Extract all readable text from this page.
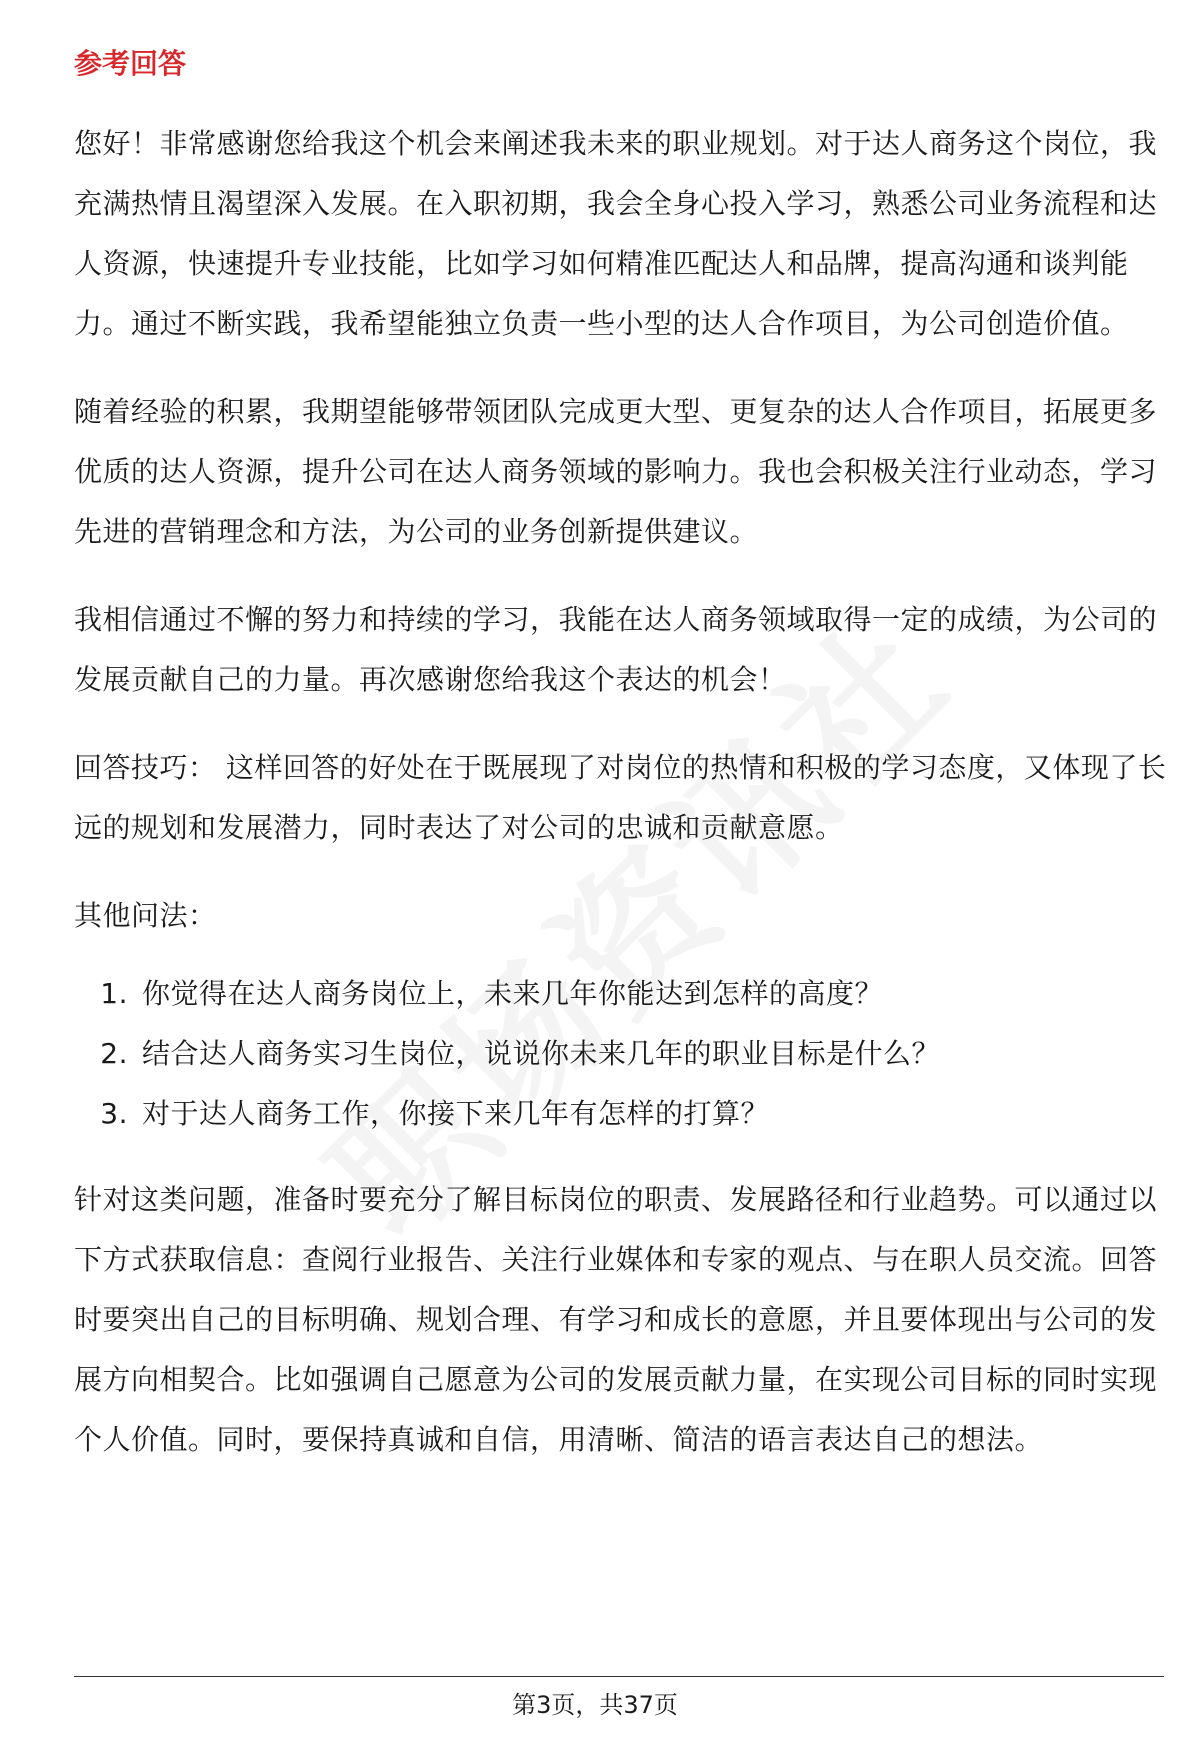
参考回答

您好！非常感谢您给我这个机会来阐述我未来的职业规划。对于达人商务这个岗位，我充满热情且渴望深入发展。在入职初期，我会全身心投入学习，熟悉公司业务流程和达人资源，快速提升专业技能，比如学习如何精准匹配达人和品牌，提高沟通和谈判能力。通过不断实践，我希望能独立负责一些小型的达人合作项目，为公司创造价值。

随着经验的积累，我期望能够带领团队完成更大型、更复杂的达人合作项目，拓展更多优质的达人资源，提升公司在达人商务领域的影响力。我也会积极关注行业动态，学习先进的营销理念和方法，为公司的业务创新提供建议。

我相信通过不懈的努力和持续的学习，我能在达人商务领域取得一定的成绩，为公司的发展贡献自己的力量。再次感谢您给我这个表达的机会！

回答技巧： 这样回答的好处在于既展现了对岗位的热情和积极的学习态度，又体现了长远的规划和发展潜力，同时表达了对公司的忠诚和贡献意愿。

其他问法：

1. 你觉得在达人商务岗位上，未来几年你能达到怎样的高度？
2. 结合达人商务实习生岗位，说说你未来几年的职业目标是什么？
3. 对于达人商务工作，你接下来几年有怎样的打算？

针对这类问题，准备时要充分了解目标岗位的职责、发展路径和行业趋势。可以通过以下方式获取信息：查阅行业报告、关注行业媒体和专家的观点、与在职人员交流。回答时要突出自己的目标明确、规划合理、有学习和成长的意愿，并且要体现出与公司的发展方向相契合。比如强调自己愿意为公司的发展贡献力量，在实现公司目标的同时实现个人价值。同时，要保持真诚和自信，用清晰、简洁的语言表达自己的想法。

第3页，共37页
